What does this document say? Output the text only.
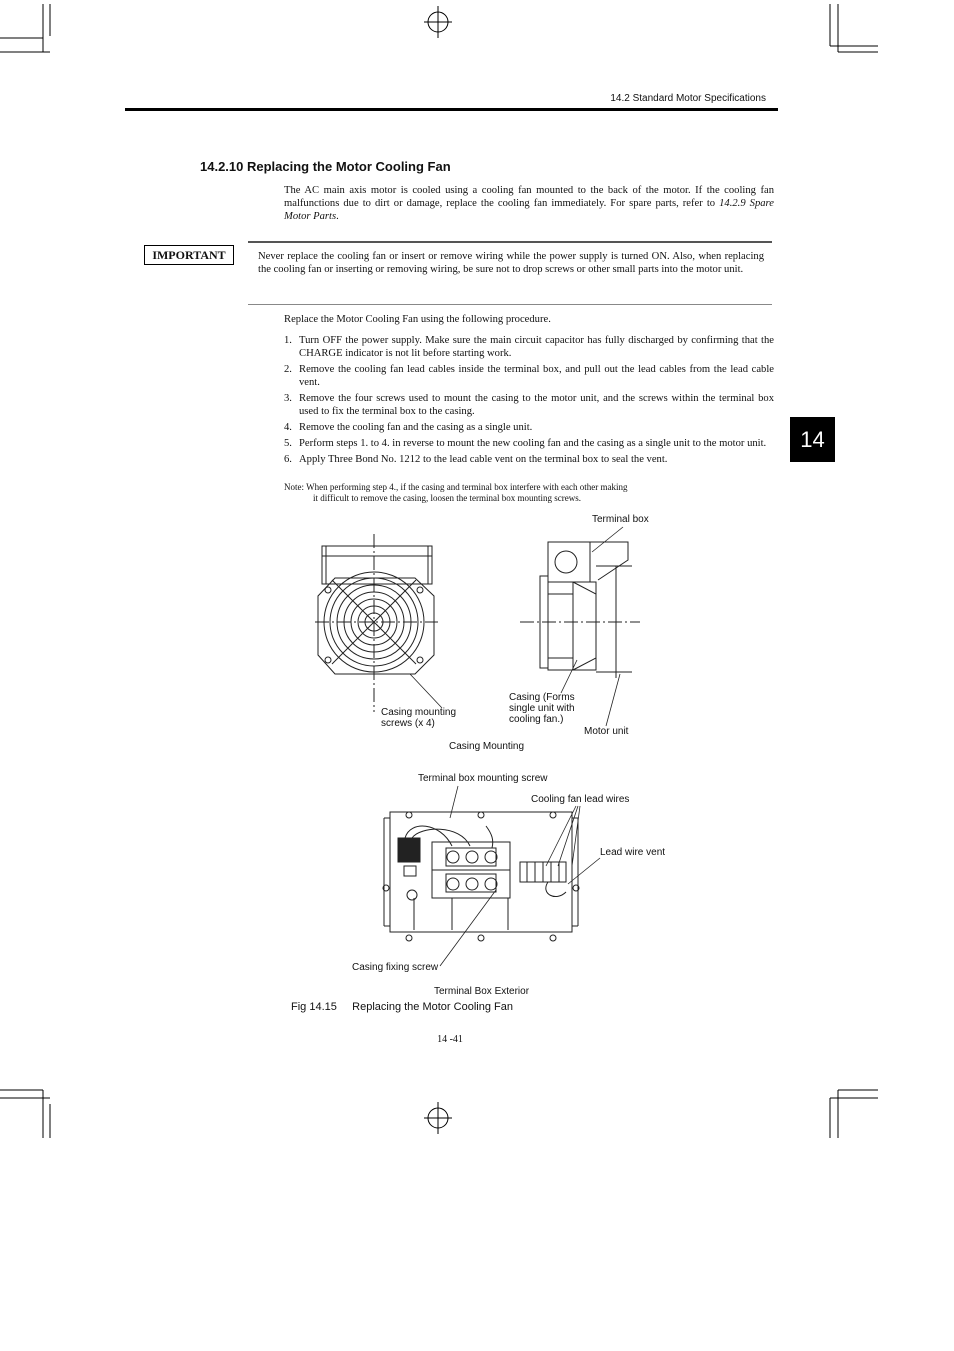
14.2 Standard Motor Specifications
14
14.2.10 Replacing the Motor Cooling Fan
The AC main axis motor is cooled using a cooling fan mounted to the back of the motor. If the cooling fan malfunctions due to dirt or damage, replace the cooling fan immediately. For spare parts, refer to 14.2.9 Spare Motor Parts.
IMPORTANT	Never replace the cooling fan or insert or remove wiring while the power supply is turned ON. Also, when replacing the cooling fan or inserting or removing wiring, be sure not to drop screws or other small parts into the motor unit.
Replace the Motor Cooling Fan using the following procedure.
1. Turn OFF the power supply. Make sure the main circuit capacitor has fully discharged by confirming that the CHARGE indicator is not lit before starting work.
2. Remove the cooling fan lead cables inside the terminal box, and pull out the lead cables from the lead cable vent.
3. Remove the four screws used to mount the casing to the motor unit, and the screws within the terminal box used to fix the terminal box to the casing.
4. Remove the cooling fan and the casing as a single unit.
5. Perform steps 1. to 4. in reverse to mount the new cooling fan and the casing as a single unit to the motor unit.
6. Apply Three Bond No. 1212 to the lead cable vent on the terminal box to seal the vent.
Note: When performing step 4., if the casing and terminal box interfere with each other making
it difficult to remove the casing, loosen the terminal box mounting screws.
Terminal box
Casing mounting
screws (x 4)
Casing (Forms
single unit with
cooling fan.)
Motor unit
Casing Mounting
Terminal box mounting screw
Cooling fan lead wires
Lead wire vent
Casing fixing screw
Terminal Box Exterior
Fig 14.15     Replacing the Motor Cooling Fan
14 -41
